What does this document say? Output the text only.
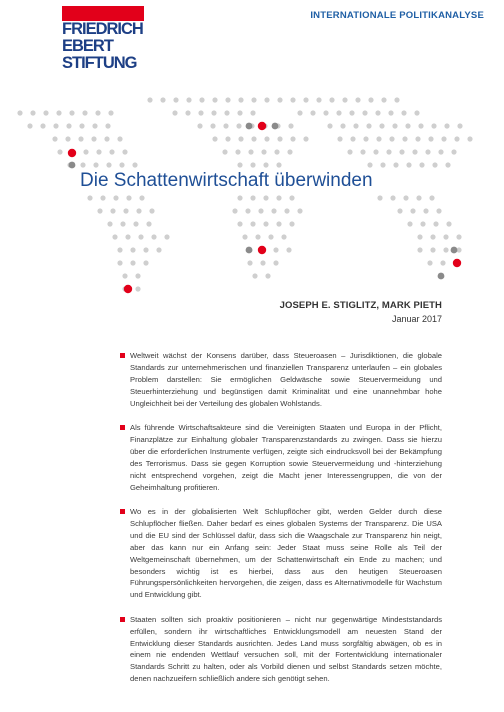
FRIEDRICH
EBERT
STIFTUNG
INTERNATIONALE POLITIKANALYSE
Die Schattenwirtschaft überwinden
JOSEPH E. STIGLITZ, MARK PIETH
Januar 2017
Weltweit wächst der Konsens darüber, dass Steueroasen – Jurisdiktionen, die globale Standards zur unternehmerischen und finanziellen Transparenz unterlaufen – ein globales Problem darstellen: Sie ermöglichen Geldwäsche sowie Steuervermeidung und Steuerhinterziehung und begünstigen damit Kriminalität und eine unannehmbar hohe Ungleichheit bei der Verteilung des globalen Wohlstands.
Als führende Wirtschaftsakteure sind die Vereinigten Staaten und Europa in der Pflicht, Finanzplätze zur Einhaltung globaler Transparenzstandards zu zwingen. Dass sie hierzu über die erforderlichen Instrumente verfügen, zeigte sich eindrucksvoll bei der Bekämpfung des Terrorismus. Dass sie gegen Korruption sowie Steuervermeidung und -hinterziehung nicht entsprechend vorgehen, zeigt die Macht jener Interessengruppen, die von der Geheimhaltung profitieren.
Wo es in der globalisierten Welt Schlupflöcher gibt, werden Gelder durch diese Schlupflöcher fließen. Daher bedarf es eines globalen Systems der Transparenz. Die USA und die EU sind der Schlüssel dafür, dass sich die Waagschale zur Transparenz hin neigt, aber das kann nur ein Anfang sein: Jeder Staat muss seine Rolle als Teil der Weltgemeinschaft übernehmen, um der Schattenwirtschaft ein Ende zu machen; und besonders wichtig ist es hierbei, dass aus den heutigen Steueroasen Führungspersönlichkeiten hervorgehen, die zeigen, dass es Alternativmodelle für Wachstum und Entwicklung gibt.
Staaten sollten sich proaktiv positionieren – nicht nur gegenwärtige Mindeststandards erfüllen, sondern ihr wirtschaftliches Entwicklungsmodell am neuesten Stand der Entwicklung dieser Standards ausrichten. Jedes Land muss sorgfältig abwägen, ob es in einem nie endenden Wettlauf versuchen soll, mit der Fortentwicklung internationaler Standards Schritt zu halten, oder als Vorbild dienen und selbst Standards setzen möchte, denen nachzueifern schließlich andere sich genötigt sehen.
